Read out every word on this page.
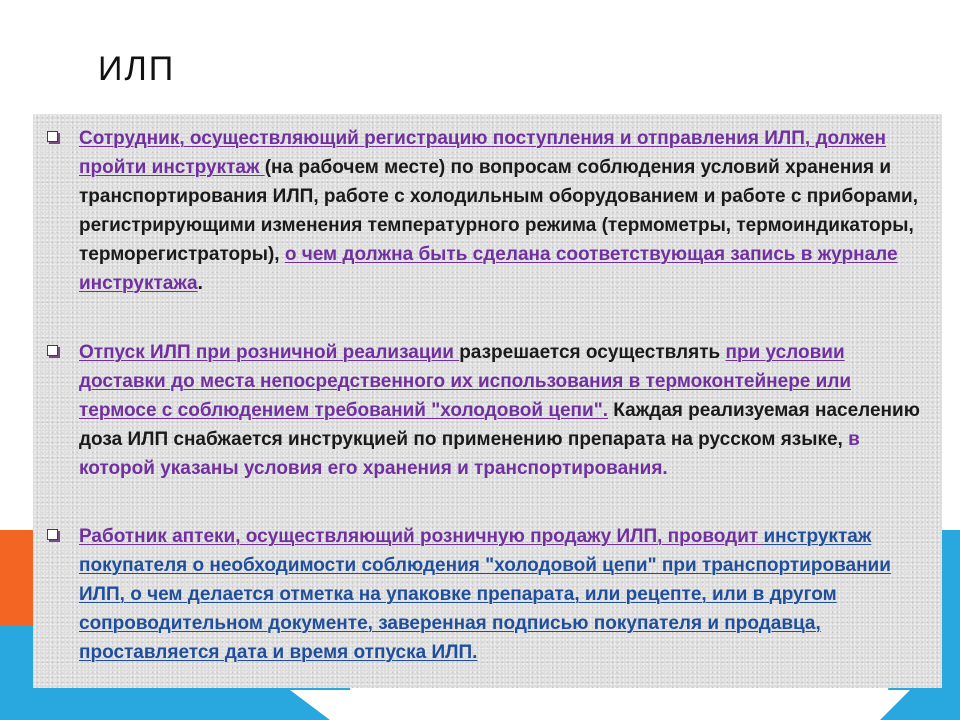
ИЛП

Сотрудник, осуществляющий регистрацию поступления и отправления ИЛП, должен пройти инструктаж (на рабочем месте) по вопросам соблюдения условий хранения и транспортирования ИЛП, работе с холодильным оборудованием и работе с приборами, регистрирующими изменения температурного режима (термометры, термоиндикаторы, терморегистраторы), о чем должна быть сделана соответствующая запись в журнале инструктажа.

Отпуск ИЛП при розничной реализации разрешается осуществлять при условии доставки до места непосредственного их использования в термоконтейнере или термосе с соблюдением требований "холодовой цепи". Каждая реализуемая населению доза ИЛП снабжается инструкцией по применению препарата на русском языке, в которой указаны условия его хранения и транспортирования.

Работник аптеки, осуществляющий розничную продажу ИЛП, проводит инструктаж покупателя о необходимости соблюдения "холодовой цепи" при транспортировании ИЛП, о чем делается отметка на упаковке препарата, или рецепте, или в другом сопроводительном документе, заверенная подписью покупателя и продавца, проставляется дата и время отпуска ИЛП.
